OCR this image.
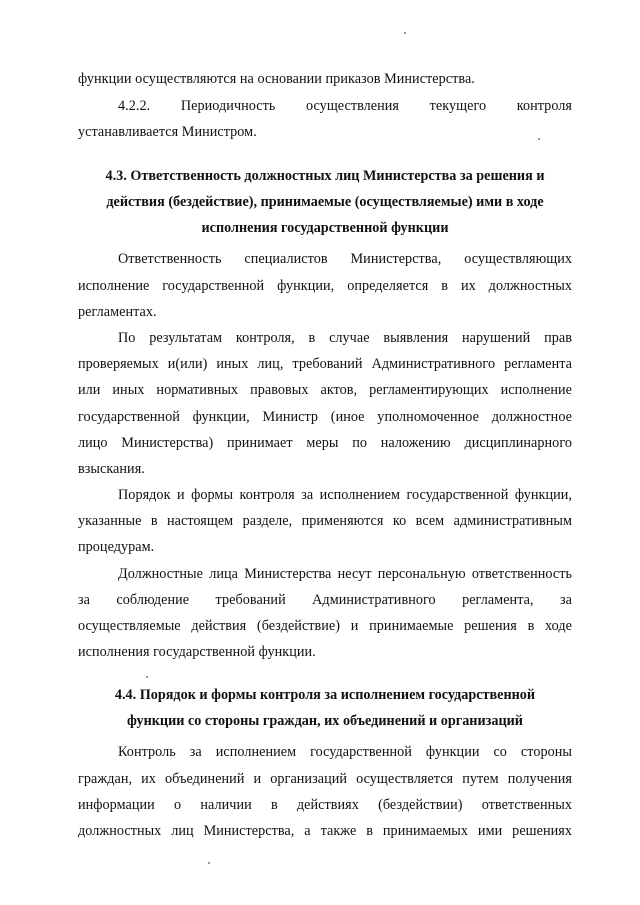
функции осуществляются на основании приказов Министерства.
4.2.2. Периодичность осуществления текущего контроля
устанавливается Министром.
4.3. Ответственность должностных лиц Министерства за решения и
действия (бездействие), принимаемые (осуществляемые) ими в ходе
исполнения государственной функции
Ответственность специалистов Министерства, осуществляющих
исполнение государственной функции, определяется в их должностных
регламентах.
По результатам контроля, в случае выявления нарушений прав
проверяемых и(или) иных лиц, требований Административного регламента
или иных нормативных правовых актов, регламентирующих исполнение
государственной функции, Министр (иное уполномоченное должностное
лицо Министерства) принимает меры по наложению дисциплинарного
взыскания.
Порядок и формы контроля за исполнением государственной функции,
указанные в настоящем разделе, применяются ко всем административным
процедурам.
Должностные лица Министерства несут персональную ответственность
за соблюдение требований Административного регламента, за
осуществляемые действия (бездействие) и принимаемые решения в ходе
исполнения государственной функции.
4.4. Порядок и формы контроля за исполнением государственной
функции со стороны граждан, их объединений и организаций
Контроль за исполнением государственной функции со стороны
граждан, их объединений и организаций осуществляется путем получения
информации о наличии в действиях (бездействии) ответственных
должностных лиц Министерства, а также в принимаемых ими решениях
